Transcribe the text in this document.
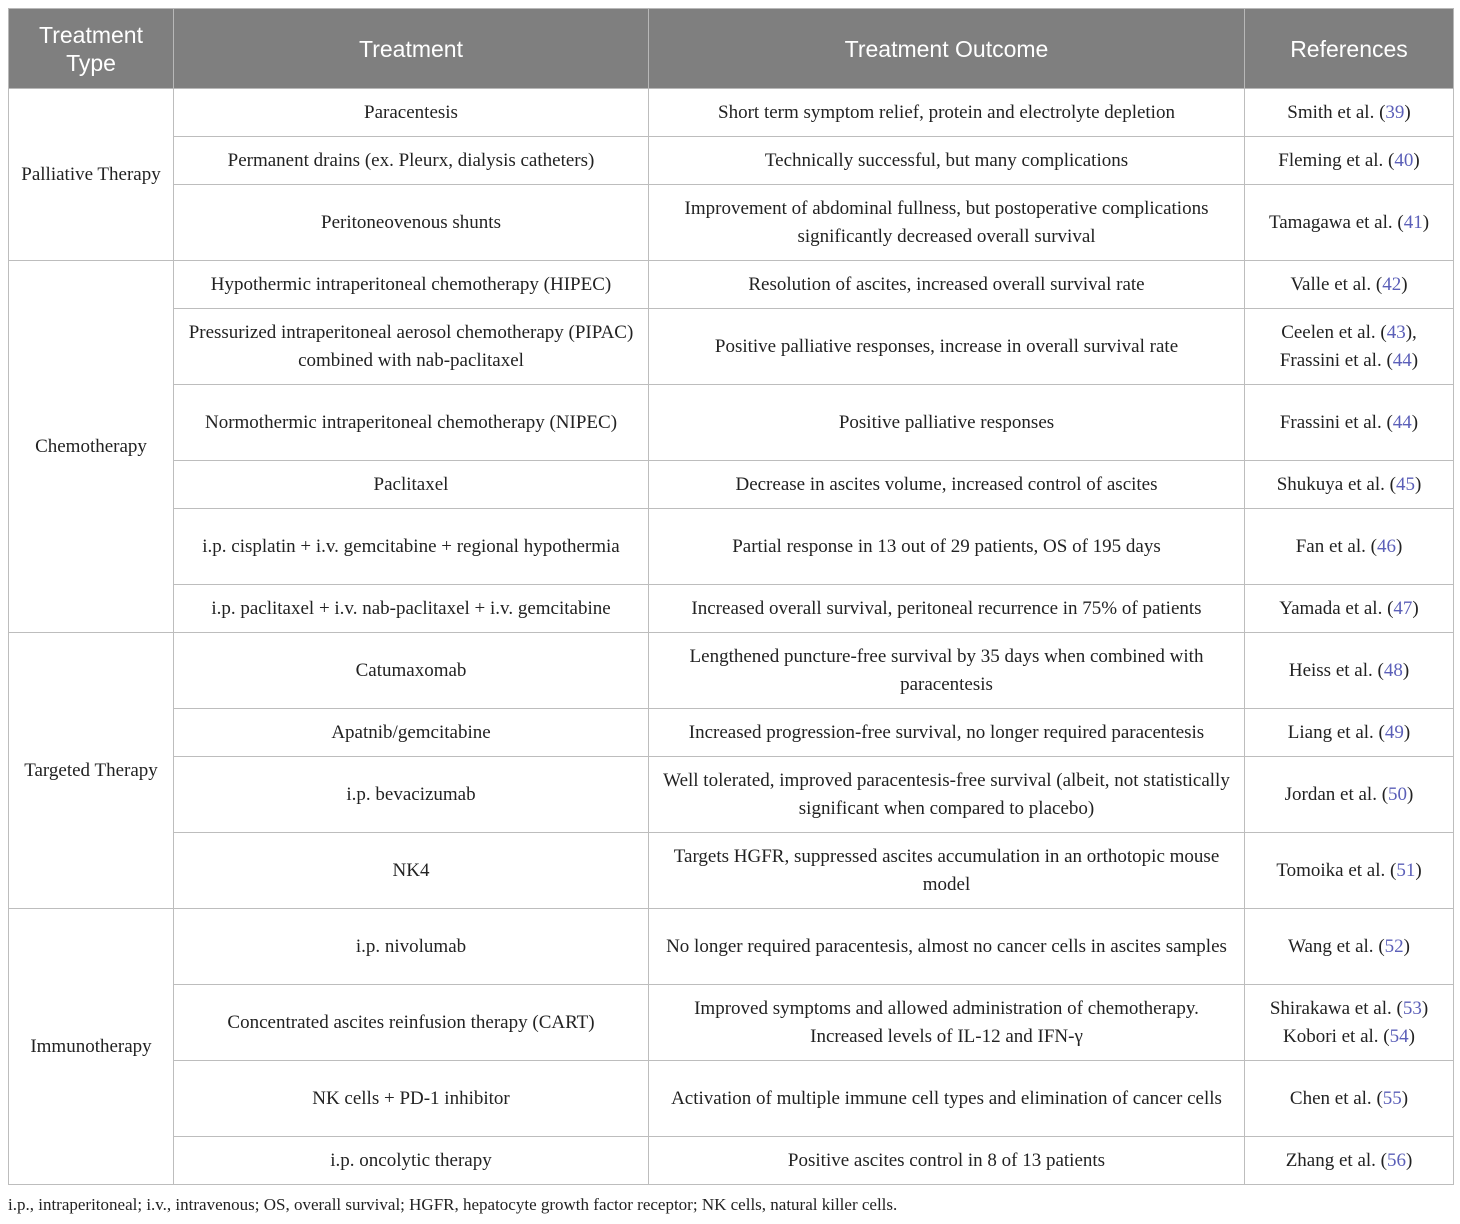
Treatment Type	Treatment	Treatment Outcome	References
Palliative Therapy	Paracentesis	Short term symptom relief, protein and electrolyte depletion	Smith et al. (39)

	Permanent drains (ex. Pleurx, dialysis catheters)	Technically successful, but many complications	Fleming et al. (40)

	Peritoneovenous shunts	Improvement of abdominal fullness, but postoperative complications significantly decreased overall survival	Tamagawa et al. (41)

Chemotherapy	Hypothermic intraperitoneal chemotherapy (HIPEC)	Resolution of ascites, increased overall survival rate	Valle et al. (42)

	Pressurized intraperitoneal aerosol chemotherapy (PIPAC) combined with nab-paclitaxel	Positive palliative responses, increase in overall survival rate	Ceelen et al. (43),
Frassini et al. (44)

	Normothermic intraperitoneal chemotherapy (NIPEC)	Positive palliative responses	Frassini et al. (44)

	Paclitaxel	Decrease in ascites volume, increased control of ascites	Shukuya et al. (45)

	i.p. cisplatin + i.v. gemcitabine + regional hypothermia	Partial response in 13 out of 29 patients, OS of 195 days	Fan et al. (46)

	i.p. paclitaxel + i.v. nab-paclitaxel + i.v. gemcitabine	Increased overall survival, peritoneal recurrence in 75% of patients	Yamada et al. (47)

Targeted Therapy	Catumaxomab	Lengthened puncture-free survival by 35 days when combined with paracentesis	Heiss et al. (48)

	Apatnib/gemcitabine	Increased progression-free survival, no longer required paracentesis	Liang et al. (49)

	i.p. bevacizumab	Well tolerated, improved paracentesis-free survival (albeit, not statistically significant when compared to placebo)	Jordan et al. (50)

	NK4	Targets HGFR, suppressed ascites accumulation in an orthotopic mouse model	Tomoika et al. (51)

Immunotherapy	i.p. nivolumab	No longer required paracentesis, almost no cancer cells in ascites samples	Wang et al. (52)

	Concentrated ascites reinfusion therapy (CART)	Improved symptoms and allowed administration of chemotherapy. Increased levels of IL-12 and IFN-γ	Shirakawa et al. (53)
Kobori et al. (54)

	NK cells + PD-1 inhibitor	Activation of multiple immune cell types and elimination of cancer cells	Chen et al. (55)

	i.p. oncolytic therapy	Positive ascites control in 8 of 13 patients	Zhang et al. (56)
i.p., intraperitoneal; i.v., intravenous; OS, overall survival; HGFR, hepatocyte growth factor receptor; NK cells, natural killer cells.
